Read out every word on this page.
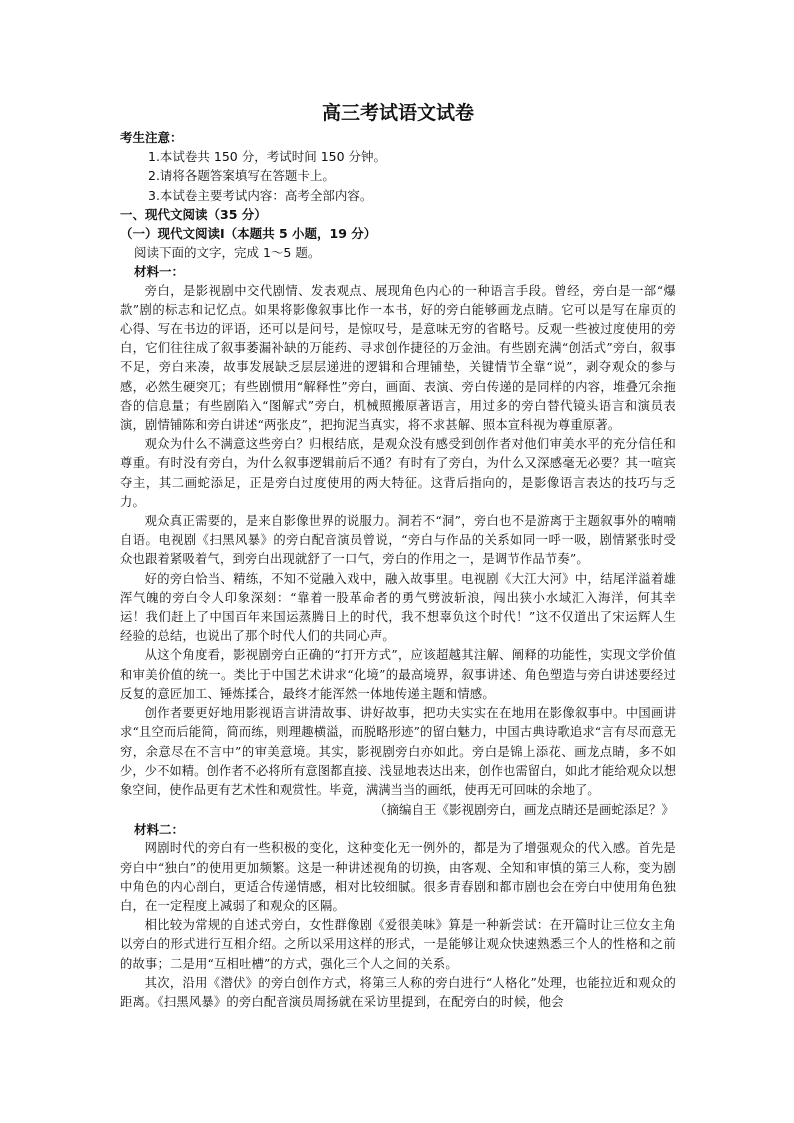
高三考试语文试卷

考生注意：

1.本试卷共 150 分，考试时间 150 分钟。

2.请将各题答案填写在答题卡上。

3.本试卷主要考试内容：高考全部内容。

一、现代文阅读（35 分）

（一）现代文阅读Ⅰ（本题共 5 小题，19 分）

阅读下面的文字，完成 1～5 题。

材料一：

旁白，是影视剧中交代剧情、发表观点、展现角色内心的一种语言手段。曾经，旁白是一部“爆款”剧的标志和记忆点。如果将影像叙事比作一本书，好的旁白能够画龙点睛。它可以是写在扉页的心得、写在书边的评语，还可以是问号，是惊叹号，是意味无穷的省略号。反观一些被过度使用的旁白，它们往往成了叙事萎漏补缺的万能药、寻求创作捷径的万金油。有些剧充满“创活式”旁白，叙事不足，旁白来凑，故事发展缺乏层层递进的逻辑和合理铺垫，关键情节全靠“说”，剥夺观众的参与感，必然生硬突兀；有些剧惯用“解释性”旁白，画面、表演、旁白传递的是同样的内容，堆叠冗余拖沓的信息量；有些剧陷入“图解式”旁白，机械照搬原著语言，用过多的旁白替代镜头语言和演员表演，剧情铺陈和旁白讲述“两张皮”，把拘泥当真实，将不求甚解、照本宣科视为尊重原著。

观众为什么不满意这些旁白？归根结底，是观众没有感受到创作者对他们审美水平的充分信任和尊重。有时没有旁白，为什么叙事逻辑前后不通？有时有了旁白，为什么又深感毫无必要？其一喧宾夺主，其二画蛇添足，正是旁白过度使用的两大特征。这背后指向的，是影像语言表达的技巧与乏力。

观众真正需要的，是来自影像世界的说服力。洞若不“洞”，旁白也不是游离于主题叙事外的喃喃自语。电视剧《扫黑风暴》的旁白配音演员曾说，“旁白与作品的关系如同一呼一吸，剧情紧张时受众也跟着紧吸着气，到旁白出现就舒了一口气，旁白的作用之一，是调节作品节奏”。

好的旁白恰当、精练，不知不觉融入戏中，融入故事里。电视剧《大江大河》中，结尾洋溢着雄浑气魄的旁白令人印象深刻：“靠着一股革命者的勇气劈波斩浪，闯出狭小水域汇入海洋，何其幸运！我们赶上了中国百年来国运蒸腾日上的时代，我不想辜负这个时代！”这不仅道出了宋运辉人生经验的总结，也说出了那个时代人们的共同心声。

从这个角度看，影视剧旁白正确的“打开方式”，应该超越其注解、阐释的功能性，实现文学价值和审美价值的统一。类比于中国艺术讲求“化境”的最高境界，叙事讲述、角色塑造与旁白讲述要经过反复的意匠加工、锤炼揉合，最终才能浑然一体地传递主题和情感。

创作者要更好地用影视语言讲清故事、讲好故事，把功夫实实在在地用在影像叙事中。中国画讲求“且空而后能简，简而练，则理趣横溢，而脱略形迹”的留白魅力，中国古典诗歌追求“言有尽而意无穷，余意尽在不言中”的审美意境。其实，影视剧旁白亦如此。旁白是锦上添花、画龙点睛，多不如少，少不如精。创作者不必将所有意图都直接、浅显地表达出来，创作也需留白，如此才能给观众以想象空间，使作品更有艺术性和观赏性。毕竟，满满当当的画纸，使再无可回味的余地了。

（摘编自王《影视剧旁白，画龙点睛还是画蛇添足？》

材料二：

网剧时代的旁白有一些积极的变化，这种变化无一例外的，都是为了增强观众的代入感。首先是旁白中“独白”的使用更加频繁。这是一种讲述视角的切换，由客观、全知和审慎的第三人称，变为剧中角色的内心剖白，更适合传递情感，相对比较细腻。很多青春剧和都市剧也会在旁白中使用角色独白，在一定程度上减弱了和观众的区隔。

相比较为常规的自述式旁白，女性群像剧《爱很美味》算是一种新尝试：在开篇时让三位女主角以旁白的形式进行互相介绍。之所以采用这样的形式，一是能够让观众快速熟悉三个人的性格和之前的故事；二是用“互相吐槽”的方式，强化三个人之间的关系。

其次，沿用《潜伏》的旁白创作方式，将第三人称的旁白进行“人格化”处理，也能拉近和观众的距离。《扫黑风暴》的旁白配音演员周扬就在采访里提到，在配旁白的时候，他会
